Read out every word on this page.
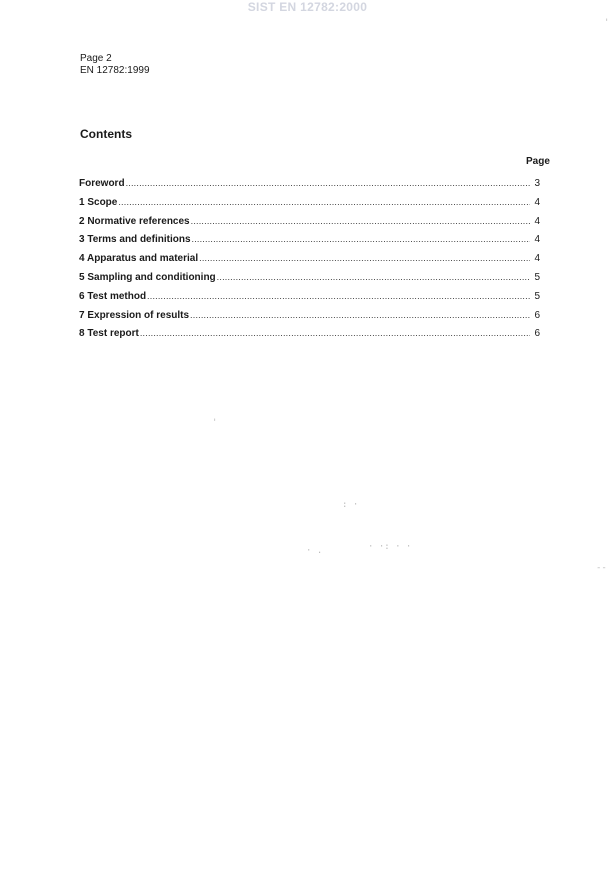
SIST EN 12782:2000
Page 2
EN 12782:1999
Contents
Page
Foreword .....	3
1 Scope .....	4
2 Normative references .....	4
3 Terms and definitions .....	4
4 Apparatus and material .....	4
5 Sampling and conditioning .....	5
6 Test method .....	5
7 Expression of results .....	6
8 Test report .....	6
'
: ·
· .	· ·: · ·
--
'
